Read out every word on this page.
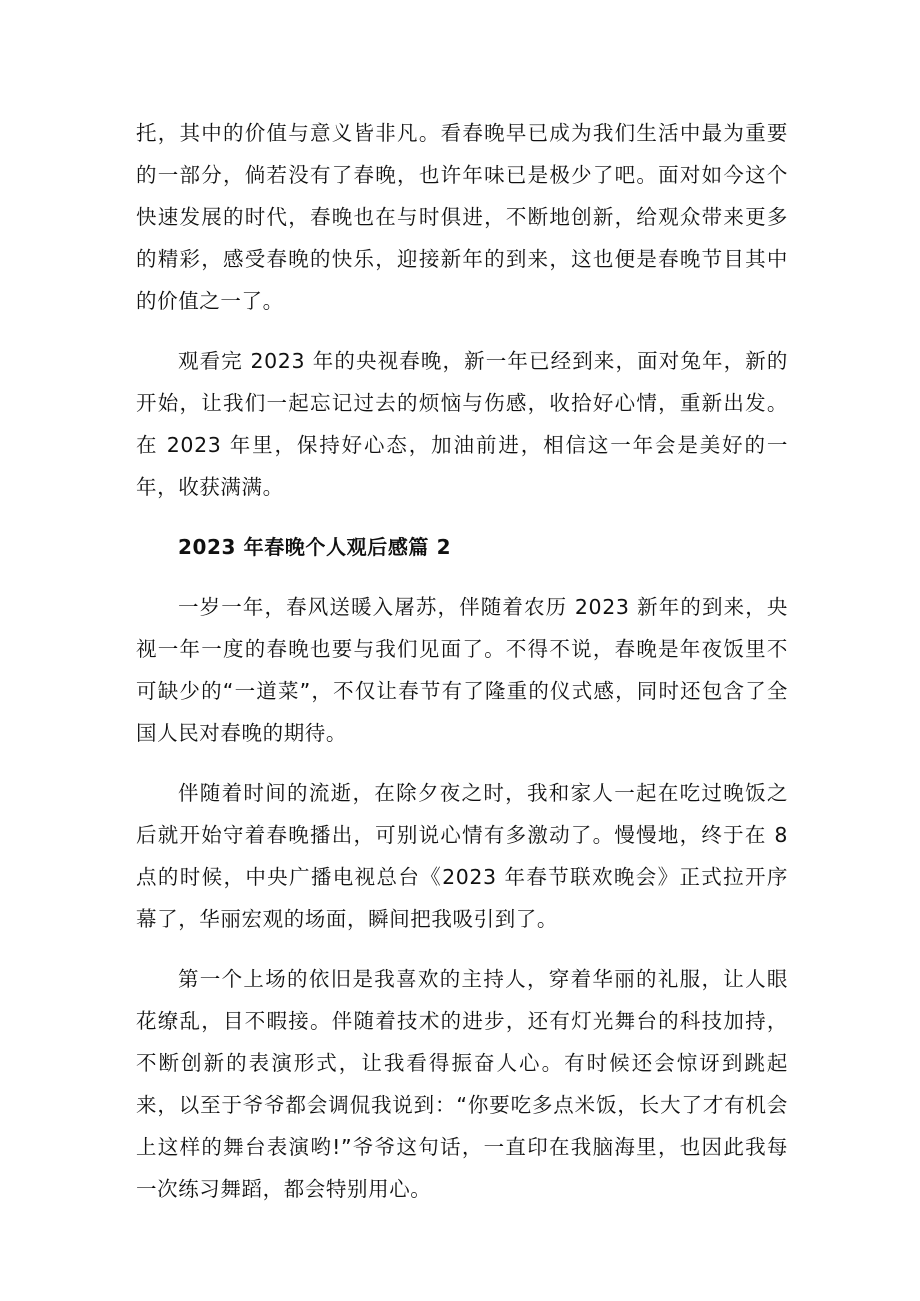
托，其中的价值与意义皆非凡。看春晚早已成为我们生活中最为重要的一部分，倘若没有了春晚，也许年味已是极少了吧。面对如今这个快速发展的时代，春晚也在与时俱进，不断地创新，给观众带来更多的精彩，感受春晚的快乐，迎接新年的到来，这也便是春晚节目其中的价值之一了。

观看完 2023 年的央视春晚，新一年已经到来，面对兔年，新的开始，让我们一起忘记过去的烦恼与伤感，收拾好心情，重新出发。在 2023 年里，保持好心态，加油前进，相信这一年会是美好的一年，收获满满。

2023 年春晚个人观后感篇 2

一岁一年，春风送暖入屠苏，伴随着农历 2023 新年的到来，央视一年一度的春晚也要与我们见面了。不得不说，春晚是年夜饭里不可缺少的“一道菜”，不仅让春节有了隆重的仪式感，同时还包含了全国人民对春晚的期待。

伴随着时间的流逝，在除夕夜之时，我和家人一起在吃过晚饭之后就开始守着春晚播出，可别说心情有多激动了。慢慢地，终于在 8 点的时候，中央广播电视总台《2023 年春节联欢晚会》正式拉开序幕了，华丽宏观的场面，瞬间把我吸引到了。

第一个上场的依旧是我喜欢的主持人，穿着华丽的礼服，让人眼花缭乱，目不暇接。伴随着技术的进步，还有灯光舞台的科技加持，不断创新的表演形式，让我看得振奋人心。有时候还会惊讶到跳起来，以至于爷爷都会调侃我说到：“你要吃多点米饭，长大了才有机会上这样的舞台表演哟!”爷爷这句话，一直印在我脑海里，也因此我每一次练习舞蹈，都会特别用心。
